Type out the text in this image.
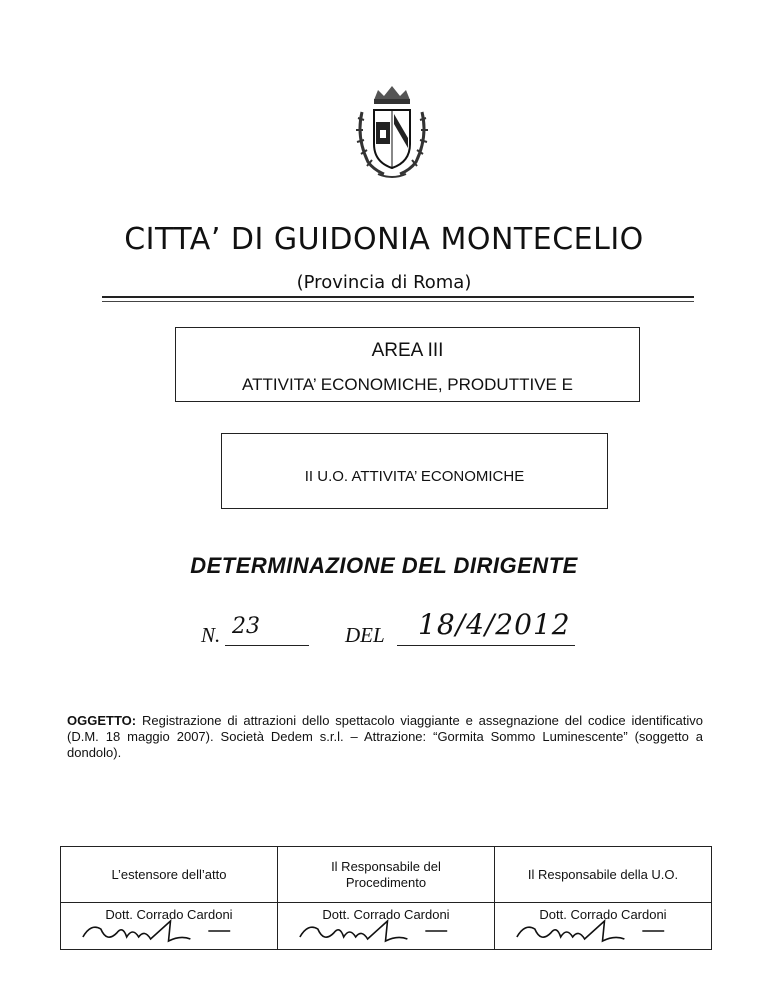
CITTA’ DI GUIDONIA MONTECELIO
(Provincia di Roma)
AREA III
ATTIVITA’ ECONOMICHE, PRODUTTIVE E
II U.O. ATTIVITA’ ECONOMICHE
DETERMINAZIONE DEL DIRIGENTE
N. 23	DEL 18/4/2012
OGGETTO: Registrazione di attrazioni dello spettacolo viaggiante e assegnazione del codice identificativo (D.M. 18 maggio 2007). Società Dedem s.r.l. – Attrazione: “Gormita Sommo Luminescente” (soggetto a dondolo).
L’estensore dell’atto	Il Responsabile del Procedimento	Il Responsabile della U.O.

Dott. Corrado Cardoni	Dott. Corrado Cardoni	Dott. Corrado Cardoni
